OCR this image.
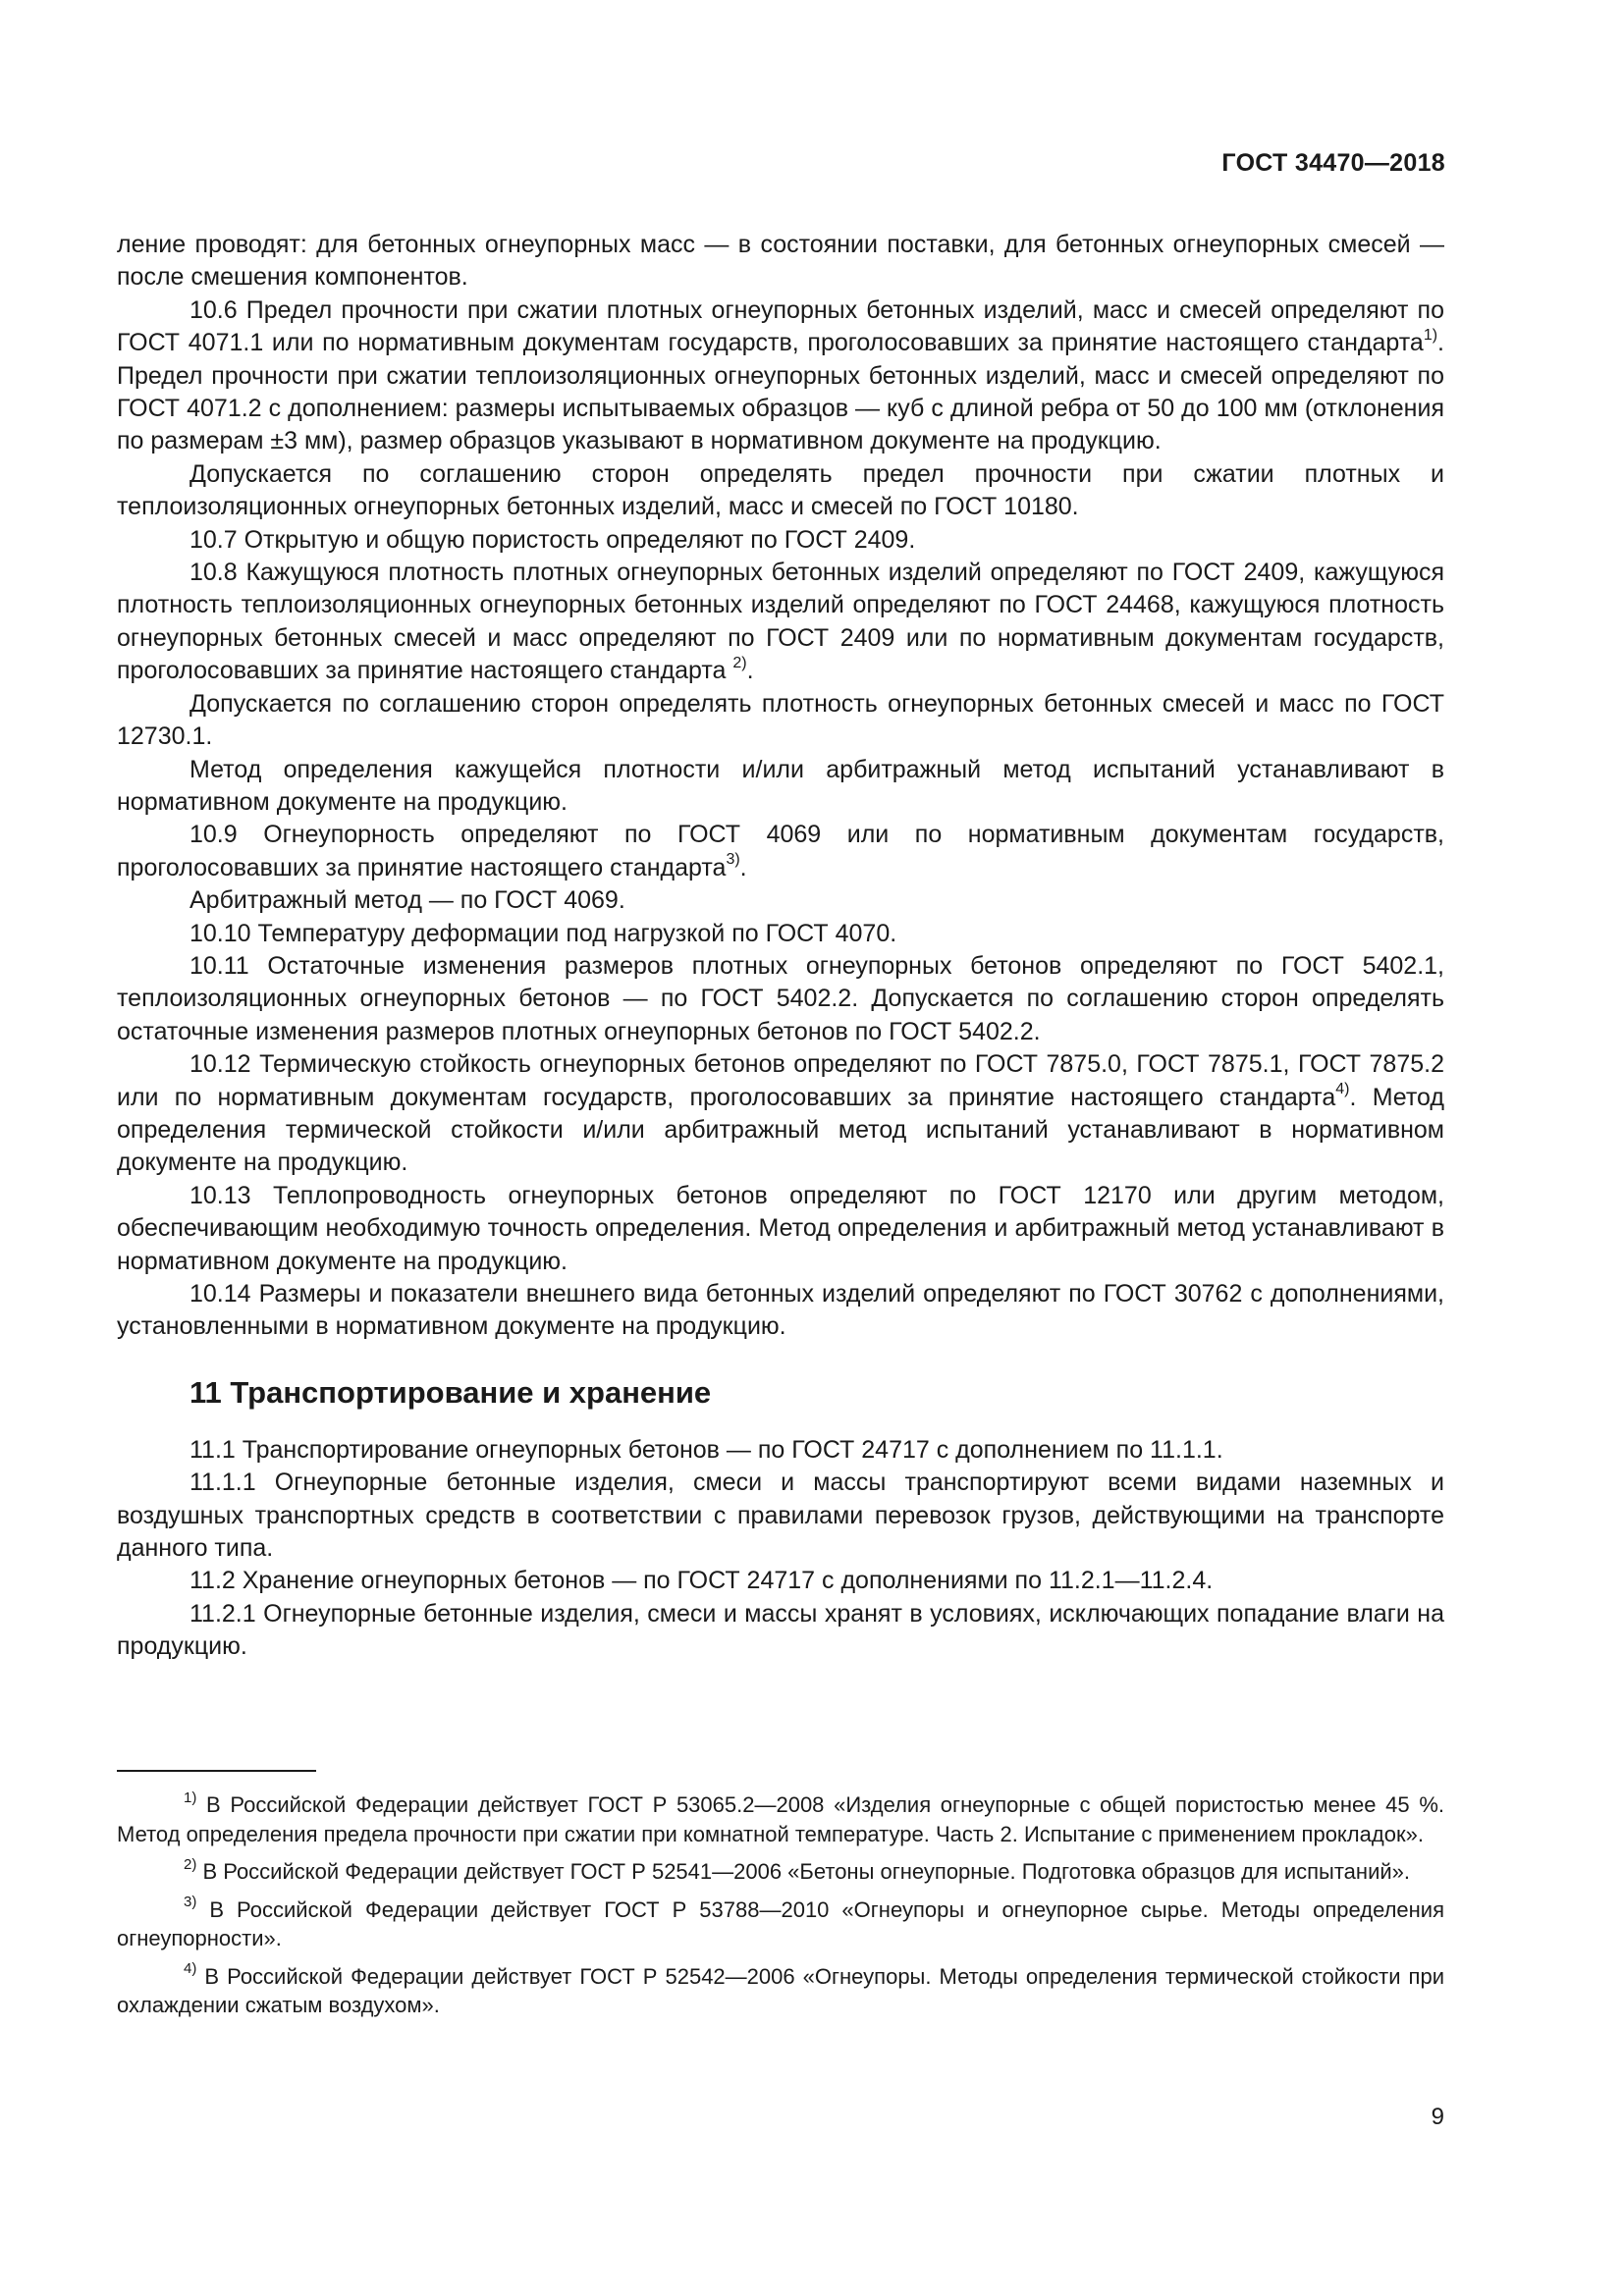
ГОСТ 34470—2018

ление проводят: для бетонных огнеупорных масс — в состоянии поставки, для бетонных огнеупорных смесей — после смешения компонентов.

10.6 Предел прочности при сжатии плотных огнеупорных бетонных изделий, масс и смесей определяют по ГОСТ 4071.1 или по нормативным документам государств, проголосовавших за принятие настоящего стандарта$^{1)}$. Предел прочности при сжатии теплоизоляционных огнеупорных бетонных изделий, масс и смесей определяют по ГОСТ 4071.2 с дополнением: размеры испытываемых образцов — куб с длиной ребра от 50 до 100 мм (отклонения по размерам ±3 мм), размер образцов указывают в нормативном документе на продукцию.

Допускается по соглашению сторон определять предел прочности при сжатии плотных и теплоизоляционных огнеупорных бетонных изделий, масс и смесей по ГОСТ 10180.

10.7 Открытую и общую пористость определяют по ГОСТ 2409.

10.8 Кажущуюся плотность плотных огнеупорных бетонных изделий определяют по ГОСТ 2409, кажущуюся плотность теплоизоляционных огнеупорных бетонных изделий определяют по ГОСТ 24468, кажущуюся плотность огнеупорных бетонных смесей и масс определяют по ГОСТ 2409 или по нормативным документам государств, проголосовавших за принятие настоящего стандарта $^{2)}$.

Допускается по соглашению сторон определять плотность огнеупорных бетонных смесей и масс по ГОСТ 12730.1.

Метод определения кажущейся плотности и/или арбитражный метод испытаний устанавливают в нормативном документе на продукцию.

10.9 Огнеупорность определяют по ГОСТ 4069 или по нормативным документам государств, проголосовавших за принятие настоящего стандарта$^{3)}$.

Арбитражный метод — по ГОСТ 4069.

10.10 Температуру деформации под нагрузкой по ГОСТ 4070.

10.11 Остаточные изменения размеров плотных огнеупорных бетонов определяют по ГОСТ 5402.1, теплоизоляционных огнеупорных бетонов — по ГОСТ 5402.2. Допускается по соглашению сторон определять остаточные изменения размеров плотных огнеупорных бетонов по ГОСТ 5402.2.

10.12 Термическую стойкость огнеупорных бетонов определяют по ГОСТ 7875.0, ГОСТ 7875.1, ГОСТ 7875.2 или по нормативным документам государств, проголосовавших за принятие настоящего стандарта$^{4)}$. Метод определения термической стойкости и/или арбитражный метод испытаний устанавливают в нормативном документе на продукцию.

10.13 Теплопроводность огнеупорных бетонов определяют по ГОСТ 12170 или другим методом, обеспечивающим необходимую точность определения. Метод определения и арбитражный метод устанавливают в нормативном документе на продукцию.

10.14 Размеры и показатели внешнего вида бетонных изделий определяют по ГОСТ 30762 с дополнениями, установленными в нормативном документе на продукцию.

11 Транспортирование и хранение

11.1 Транспортирование огнеупорных бетонов — по ГОСТ 24717 с дополнением по 11.1.1.

11.1.1 Огнеупорные бетонные изделия, смеси и массы транспортируют всеми видами наземных и воздушных транспортных средств в соответствии с правилами перевозок грузов, действующими на транспорте данного типа.

11.2 Хранение огнеупорных бетонов — по ГОСТ 24717 с дополнениями по 11.2.1—11.2.4.

11.2.1 Огнеупорные бетонные изделия, смеси и массы хранят в условиях, исключающих попадание влаги на продукцию.

$^{1)}$ В Российской Федерации действует ГОСТ Р 53065.2—2008 «Изделия огнеупорные с общей пористостью менее 45 %. Метод определения предела прочности при сжатии при комнатной температуре. Часть 2. Испытание с применением прокладок».

$^{2)}$ В Российской Федерации действует ГОСТ Р 52541—2006 «Бетоны огнеупорные. Подготовка образцов для испытаний».

$^{3)}$ В Российской Федерации действует ГОСТ Р 53788—2010 «Огнеупоры и огнеупорное сырье. Методы определения огнеупорности».

$^{4)}$ В Российской Федерации действует ГОСТ Р 52542—2006 «Огнеупоры. Методы определения термической стойкости при охлаждении сжатым воздухом».

9
